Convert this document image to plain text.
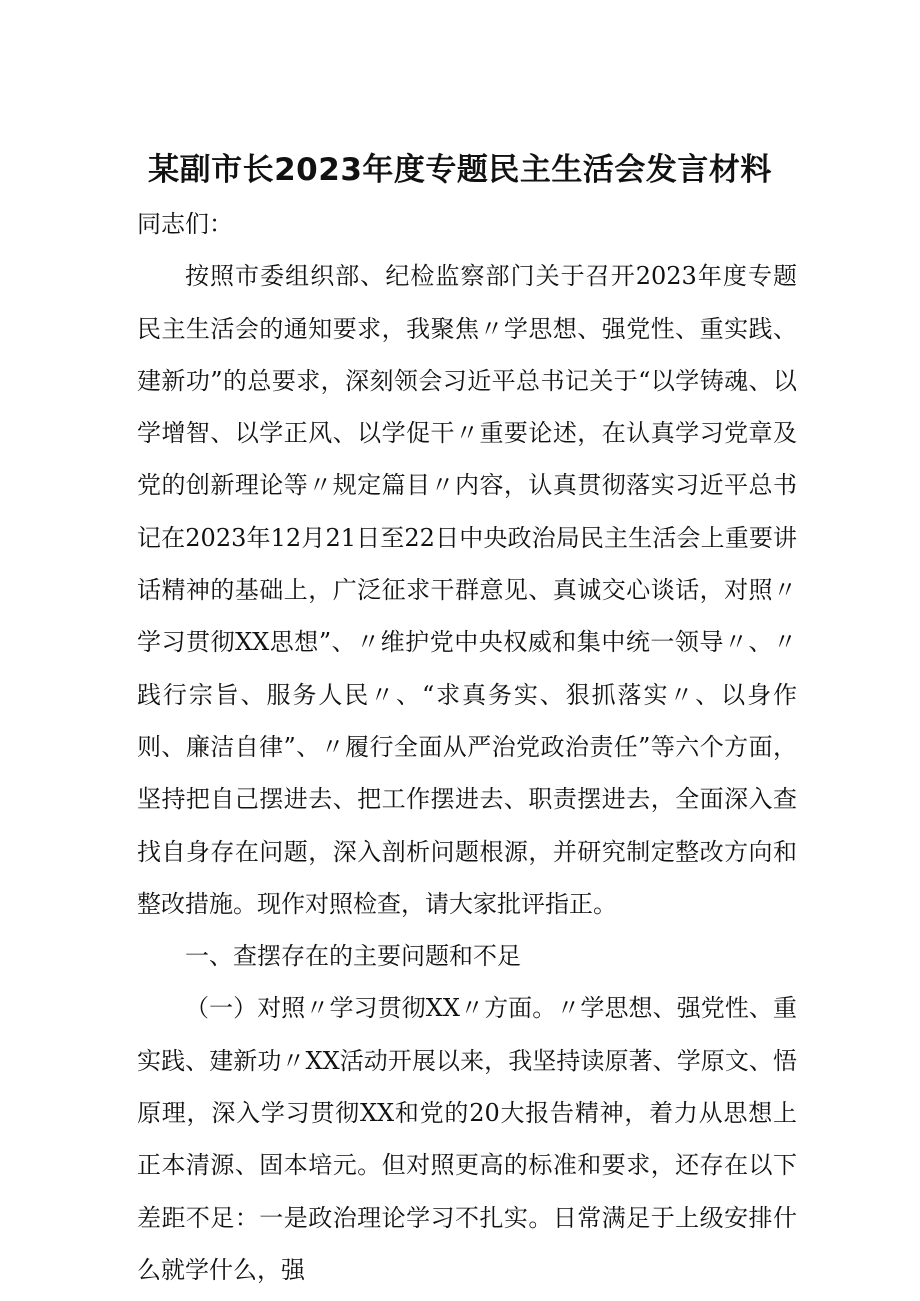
某副市长2023年度专题民主生活会发言材料

同志们：

按照市委组织部、纪检监察部门关于召开2023年度专题民主生活会的通知要求，我聚焦〃学思想、强党性、重实践、建新功”的总要求，深刻领会习近平总书记关于“以学铸魂、以学增智、以学正风、以学促干〃重要论述，在认真学习党章及党的创新理论等〃规定篇目〃内容，认真贯彻落实习近平总书记在2023年12月21日至22日中央政治局民主生活会上重要讲话精神的基础上，广泛征求干群意见、真诚交心谈话，对照〃学习贯彻XX思想”、〃维护党中央权威和集中统一领导〃、〃践行宗旨、服务人民〃、“求真务实、狠抓落实〃、以身作则、廉洁自律”、〃履行全面从严治党政治责任”等六个方面，坚持把自己摆进去、把工作摆进去、职责摆进去，全面深入查找自身存在问题，深入剖析问题根源，并研究制定整改方向和整改措施。现作对照检查，请大家批评指正。

一、查摆存在的主要问题和不足

（一）对照〃学习贯彻XX〃方面。〃学思想、强党性、重实践、建新功〃XX活动开展以来，我坚持读原著、学原文、悟原理，深入学习贯彻XX和党的20大报告精神，着力从思想上正本清源、固本培元。但对照更高的标准和要求，还存在以下差距不足：一是政治理论学习不扎实。日常满足于上级安排什么就学什么，强
